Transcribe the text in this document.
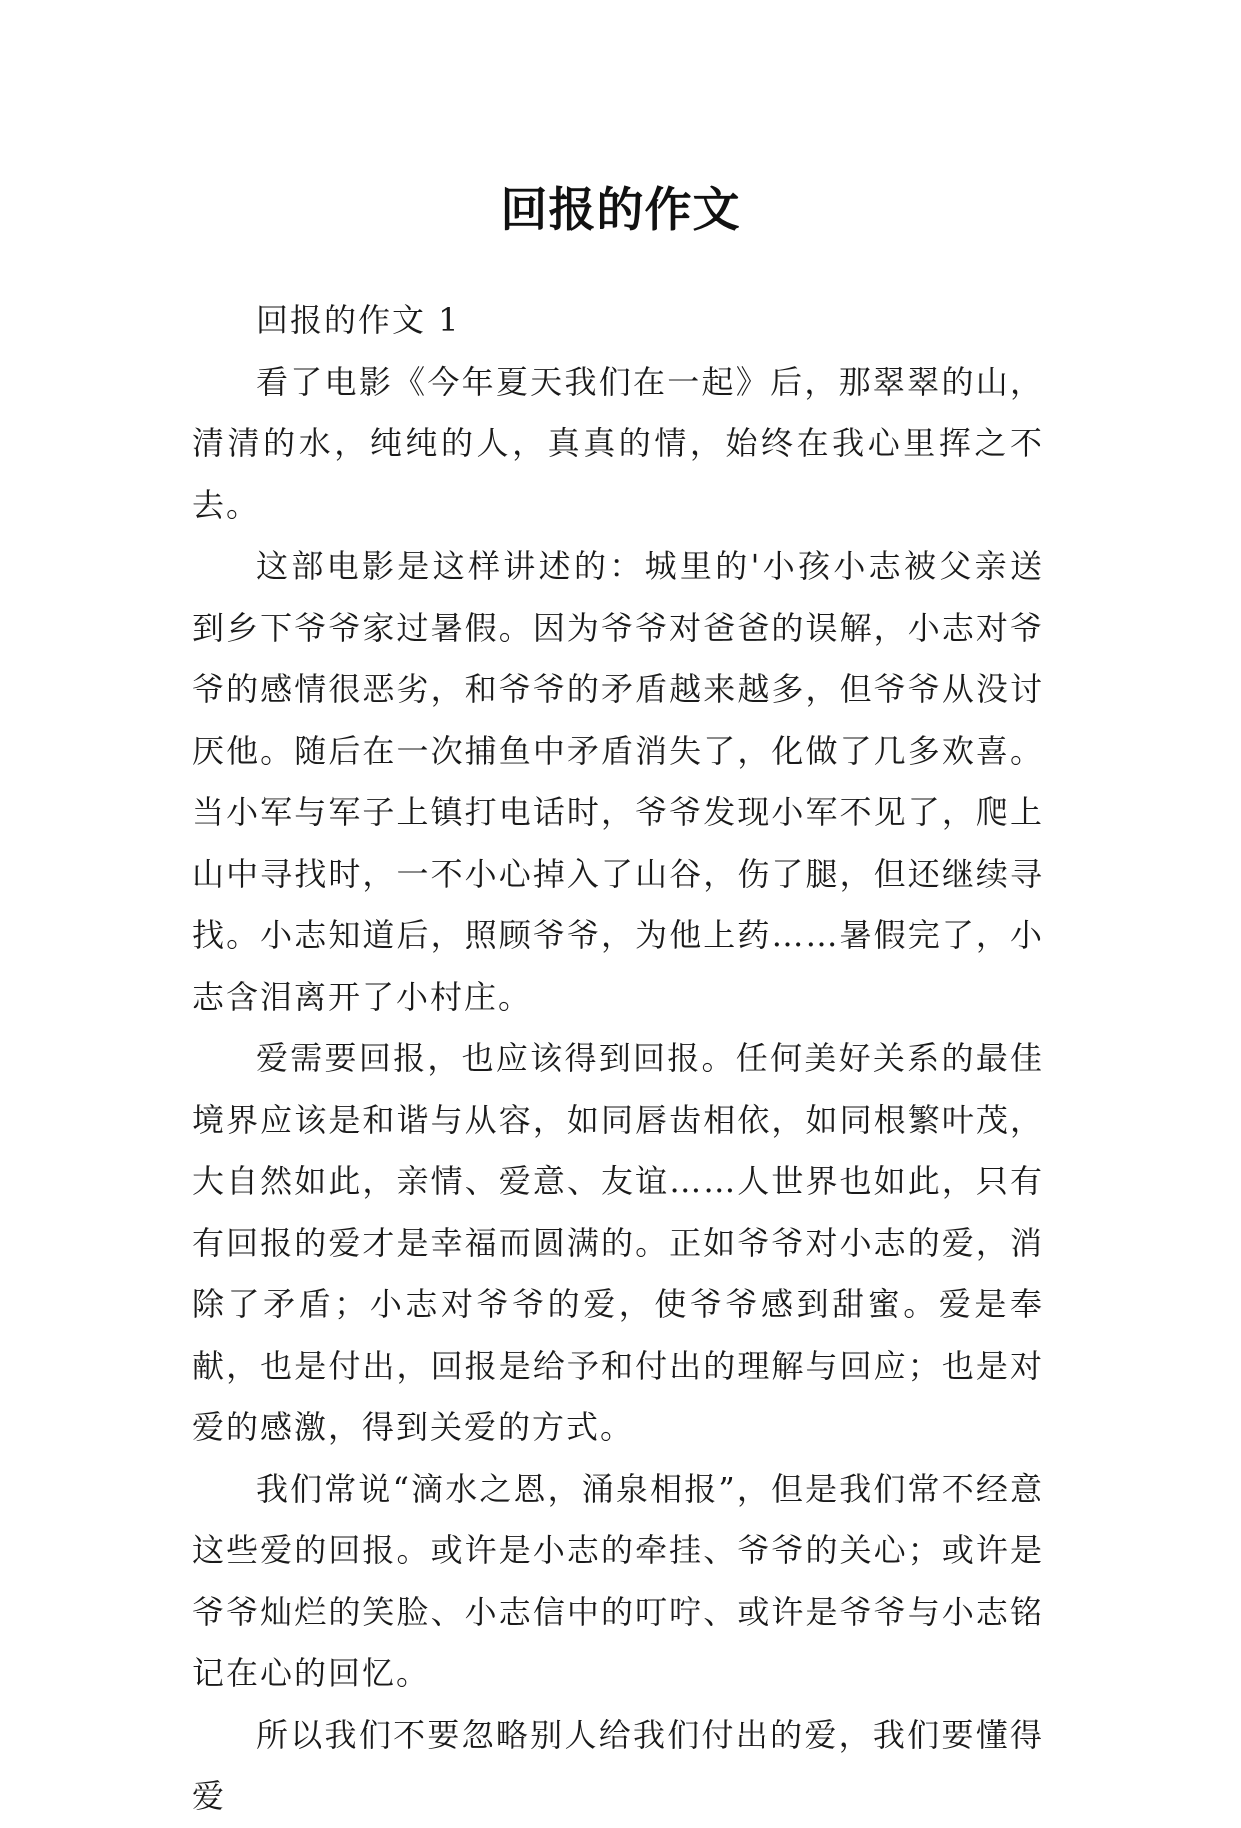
回报的作文

回报的作文 1

看了电影《今年夏天我们在一起》后，那翠翠的山，清清的水，纯纯的人，真真的情，始终在我心里挥之不去。

这部电影是这样讲述的：城里的'小孩小志被父亲送到乡下爷爷家过暑假。因为爷爷对爸爸的误解，小志对爷爷的感情很恶劣，和爷爷的矛盾越来越多，但爷爷从没讨厌他。随后在一次捕鱼中矛盾消失了，化做了几多欢喜。当小军与军子上镇打电话时，爷爷发现小军不见了，爬上山中寻找时，一不小心掉入了山谷，伤了腿，但还继续寻找。小志知道后，照顾爷爷，为他上药……暑假完了，小志含泪离开了小村庄。

爱需要回报，也应该得到回报。任何美好关系的最佳境界应该是和谐与从容，如同唇齿相依，如同根繁叶茂，大自然如此，亲情、爱意、友谊……人世界也如此，只有有回报的爱才是幸福而圆满的。正如爷爷对小志的爱，消除了矛盾；小志对爷爷的爱，使爷爷感到甜蜜。爱是奉献，也是付出，回报是给予和付出的理解与回应；也是对爱的感激，得到关爱的方式。

我们常说“滴水之恩，涌泉相报”，但是我们常不经意这些爱的回报。或许是小志的牵挂、爷爷的关心；或许是爷爷灿烂的笑脸、小志信中的叮咛、或许是爷爷与小志铭记在心的回忆。

所以我们不要忽略别人给我们付出的爱，我们要懂得爱
